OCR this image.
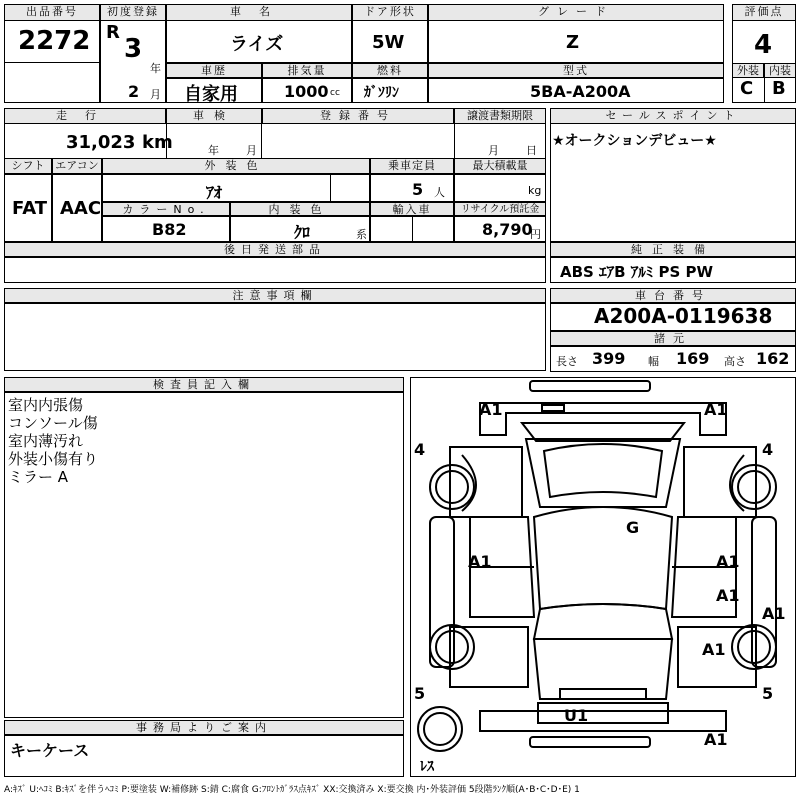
出品番号
2272
初度登録
R
3
年
2 月
車名
ライズ
ドア形状
5W
グレード
Z
評価点
4
外装 内装
C B
車歴
自家用
排気量
1000 cc
燃料
ｶﾞｿﾘﾝ
型式
5BA-A200A
走行
31,023 km
車検
年 月
登録番号	譲渡書類期限
月 日
シフト エアコン
FAT AAC
外装色
ｱｵ
乗車定員
5 人
最大積載量
kg
カラーNo.
B82
内装色
ｸﾛ	系
輸入車	リサイクル預託金
8,790
円
後日発送部品
セールスポイント
★オークションデビュー★
純正装備
ABS ｴｱB ｱﾙﾐ PS PW
注意事項欄	車台番号
A200A-0119638
諸元
長さ 399 幅 169 高さ 162
検査員記入欄
室内内張傷
コンソール傷
室内薄汚れ
外装小傷有り
ミラー A
事務局よりご案内
キーケース
A1	A1
4	4
G
A1	A1
A1
A1
A1
5	5
U1
A1
ﾚｽ
A:ｷｽﾞ U:ﾍｺﾐ B:ｷｽﾞを伴うﾍｺﾐ P:要塗装 W:補修跡 S:錆 C:腐食 G:ﾌﾛﾝﾄｶﾞﾗｽ点ｷｽﾞ XX:交換済み X:要交換 内･外装評価 5段階ﾗﾝｸ順(A･B･C･D･E) 1
